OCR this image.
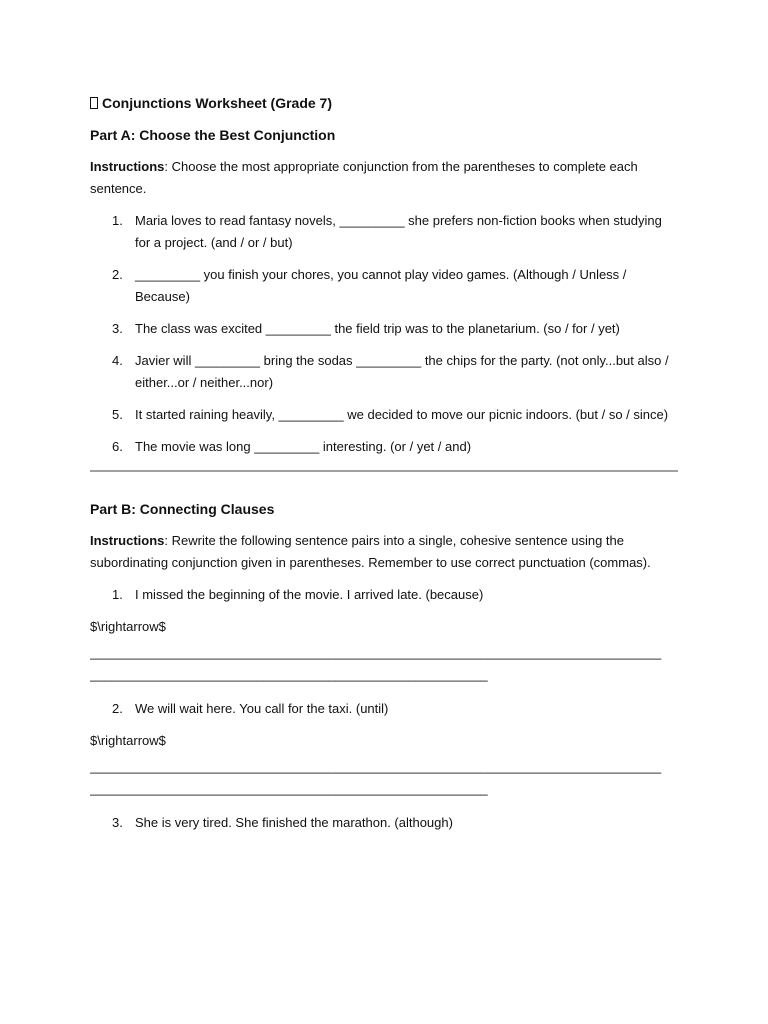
Conjunctions Worksheet (Grade 7)

Part A: Choose the Best Conjunction

Instructions: Choose the most appropriate conjunction from the parentheses to complete each sentence.

1. Maria loves to read fantasy novels, _________ she prefers non-fiction books when studying for a project. (and / or / but)
2. _________ you finish your chores, you cannot play video games. (Although / Unless / Because)
3. The class was excited _________ the field trip was to the planetarium. (so / for / yet)
4. Javier will _________ bring the sodas _________ the chips for the party. (not only...but also / either...or / neither...nor)
5. It started raining heavily, _________ we decided to move our picnic indoors. (but / so / since)
6. The movie was long _________ interesting. (or / yet / and)

Part B: Connecting Clauses

Instructions: Rewrite the following sentence pairs into a single, cohesive sentence using the subordinating conjunction given in parentheses. Remember to use correct punctuation (commas).

1. I missed the beginning of the movie. I arrived late. (because)

$\rightarrow$

_______________________________________________________________________________

_______________________________________________________

2. We will wait here. You call for the taxi. (until)

$\rightarrow$

_______________________________________________________________________________

_______________________________________________________

3. She is very tired. She finished the marathon. (although)
